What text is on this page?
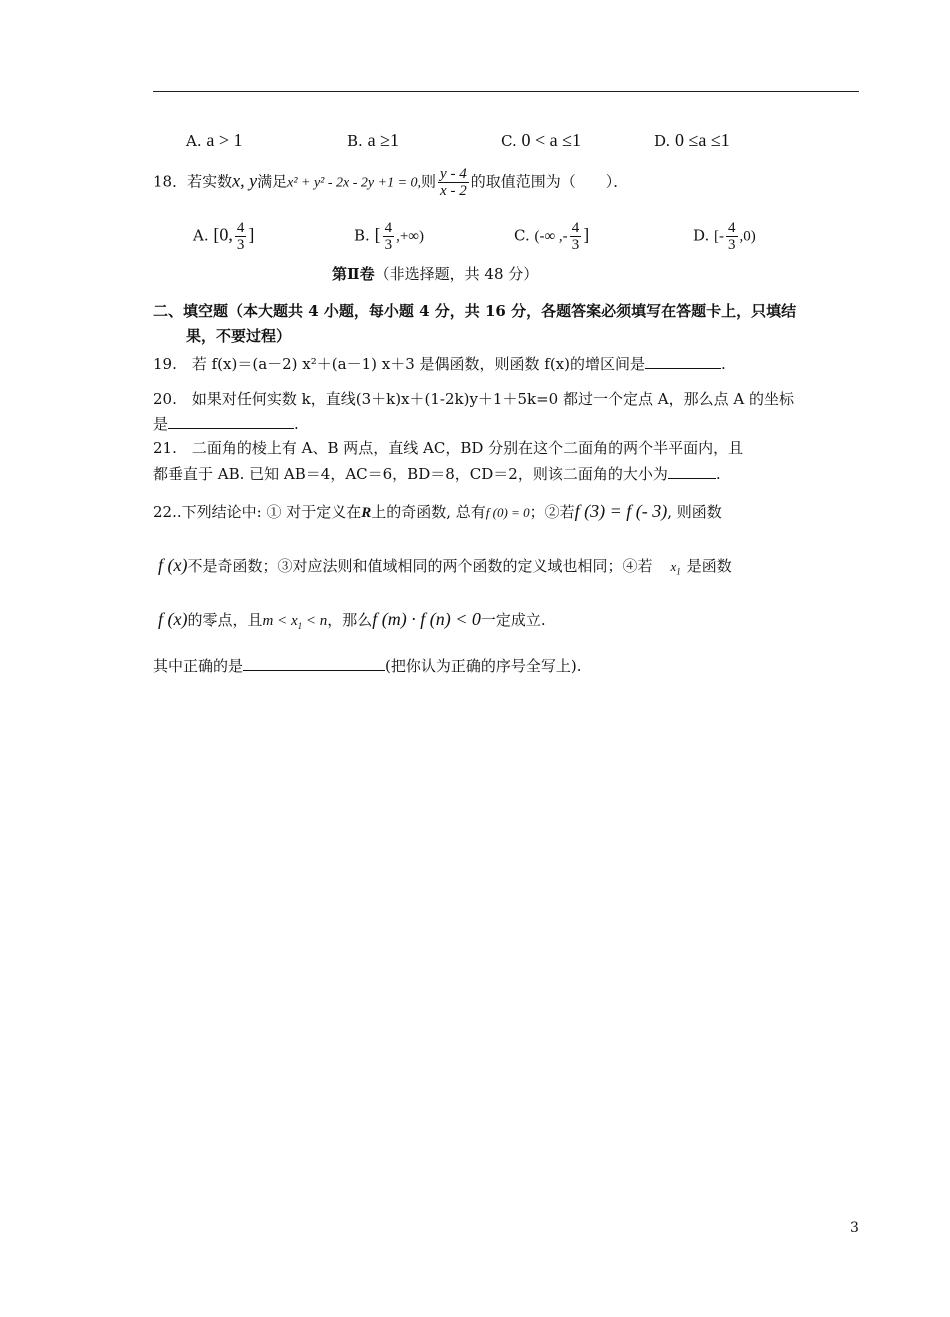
A. a > 1	B. a ≥1	C. 0 < a ≤1	D. 0 ≤a ≤1
18．若实数x, y满足x² + y² - 2x - 2y +1 = 0,则 $\frac{y - 4}{x - 2}$ 的取值范围为（　　）．
A. [0, $\frac{4}{3}$ ]	B. [ $\frac{4}{3}$ ,+∞)	C. (-∞ ,- $\frac{4}{3}$ ]	D. [- $\frac{4}{3} ,0$)
第Ⅱ卷（非选择题，共 48 分）
二、填空题（本大题共 4 小题，每小题 4 分，共 16 分，各题答案必须填写在答题卡上，只填结
果，不要过程）
19.　若 f(x)＝(a－2) x²＋(a－1) x＋3 是偶函数，则函数 f(x)的增区间是	.
20.　如果对任何实数 k，直线(3＋k)x＋(1-2k)y＋1＋5k=0 都过一个定点 A，那么点 A 的坐标
是	.
21.　二面角的棱上有 A、B 两点，直线 AC，BD 分别在这个二面角的两个半平面内，且
都垂直于 AB. 已知 AB＝4，AC＝6，BD＝8，CD＝2，则该二面角的大小为	.
22..下列结论中: ① 对于定义在R上的奇函数, 总有f (0) = 0；②若f (3) = f (- 3), 则函数
f (x)不是奇函数；③对应法则和值域相同的两个函数的定义域也相同；④若 $x_1$ 是函数
f (x)的零点，且$m < x_1 < n$，那么f (m) · f (n) < 0一定成立.
其中正确的是	(把你认为正确的序号全写上).
3
